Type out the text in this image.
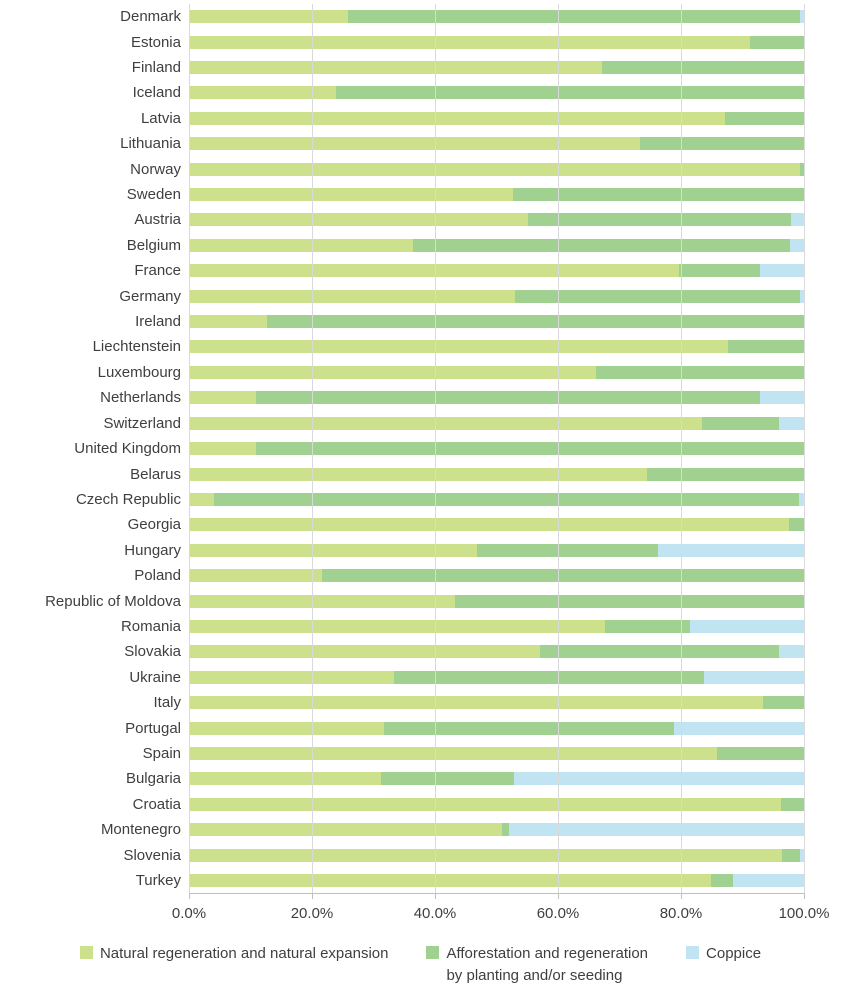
Denmark
Estonia
Finland
Iceland
Latvia
Lithuania
Norway
Sweden
Austria
Belgium
France
Germany
Ireland
Liechtenstein
Luxembourg
Netherlands
Switzerland
United Kingdom
Belarus
Czech Republic
Georgia
Hungary
Poland
Republic of Moldova
Romania
Slovakia
Ukraine
Italy
Portugal
Spain
Bulgaria
Croatia
Montenegro
Slovenia
Turkey
Natural regeneration and natural expansion	Afforestation and regeneration
by planting and/or seeding
Coppice
0.0%	20.0%	40.0%	60.0%	80.0%	100.0%
